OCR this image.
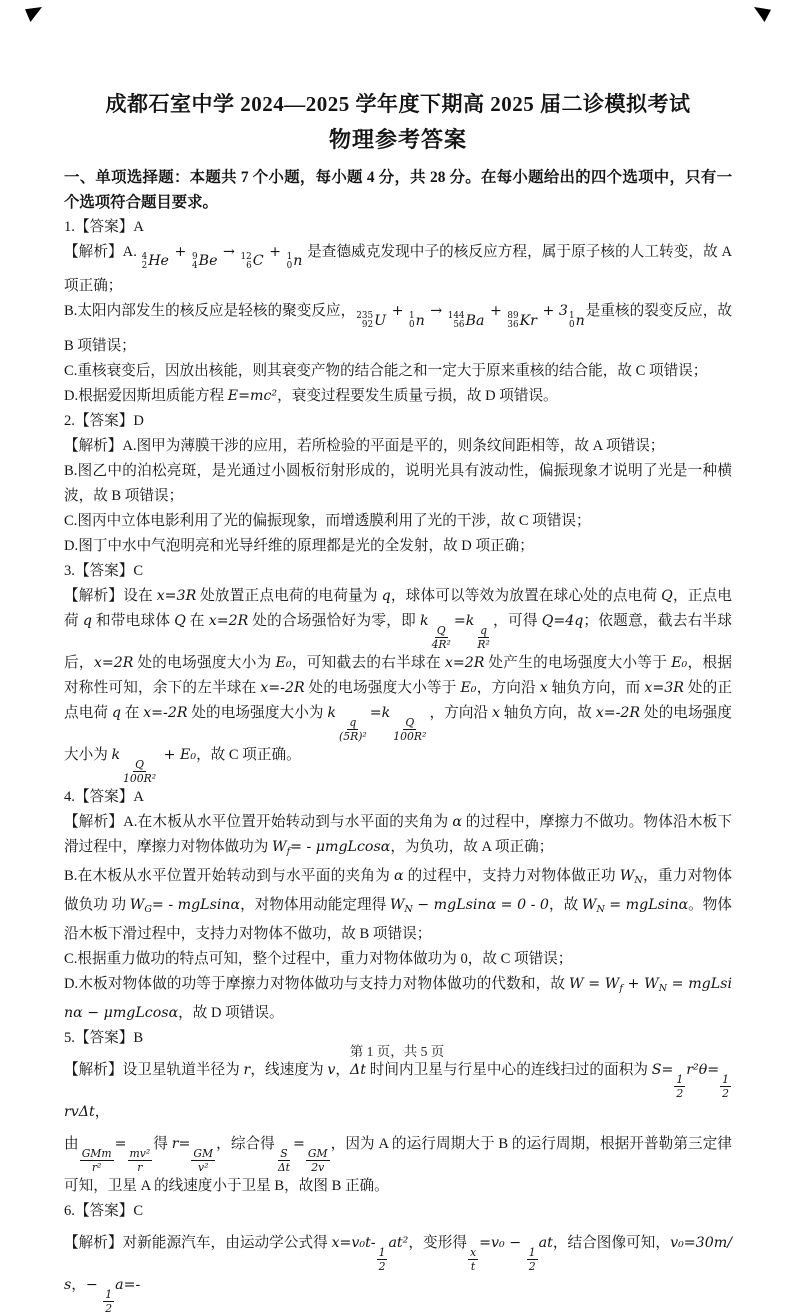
成都石室中学 2024—2025 学年度下期高 2025 届二诊模拟考试
物理参考答案
一、单项选择题：本题共 7 个小题，每小题 4 分，共 28 分。在每小题给出的四个选项中，只有一个选项符合题目要求。
1.【答案】A
【解析】A. 4
2 He
+ 9
4 Be
→ 12
6 C
+ 1
0 n
是查德威克发现中子的核反应方程，属于原子核的人工转变，故 A 项正确；
B.太阳内部发生的核反应是轻核的聚变反应， 235
92 U
+ 1
0 n
→ 144
56 Ba
+ 89
36 Kr
+ 3 1
0 n
是重核的裂变反应，故 B 项错误；
C.重核衰变后，因放出核能，则其衰变产物的结合能之和一定大于原来重核的结合能，故 C 项错误；
D.根据爱因斯坦质能方程 E=mc²，衰变过程要发生质量亏损，故 D 项错误。
2.【答案】D
【解析】A.图甲为薄膜干涉的应用，若所检验的平面是平的，则条纹间距相等，故 A 项错误；
B.图乙中的泊松亮斑，是光通过小圆板衍射形成的，说明光具有波动性，偏振现象才说明了光是一种横波，故 B 项错误；
C.图丙中立体电影利用了光的偏振现象，而增透膜利用了光的干涉，故 C 项错误；
D.图丁中水中气泡明亮和光导纤维的原理都是光的全发射，故 D 项正确；
3.【答案】C
【解析】设在 x=3R 处放置正点电荷的电荷量为 q，球体可以等效为放置在球心处的点电荷 Q，正点电荷 q 和带电球体 Q 在 x=2R 处的合场强恰好为零，即 k
$\frac{Q}{\text{4R²}}$
=k
$\frac{q}{\text{R²}}$
，可得 Q=4q；依题意，截去右半球后，x=2R 处的电场强度大小为 E₀，可知截去的右半球在 x=2R 处产生的电场强度大小等于 E₀，根据对称性可知，余下的左半球在 x=-2R 处的电场强度大小等于 E₀，方向沿 x 轴负方向，而 x=3R 处的正点电荷 q 在 x=-2R 处的电场强度大小为 k
$\frac{q}{\text{(5R)²}}$
=k
$\frac{Q}{\text{100R²}}$
，方向沿 x 轴负方向，故 x=-2R 处的电场强度大小为 k
$\frac{Q}{\text{100R²}}$
+ E₀，故 C 项正确。
4.【答案】A
【解析】A.在木板从水平位置开始转动到与水平面的夹角为 α 的过程中，摩擦力不做功。物体沿木板下滑过程中，摩擦力对物体做功为 $W_f= - \mu mgLcos\alpha$，为负功，故 A 项正确；
B.在木板从水平位置开始转动到与水平面的夹角为 α 的过程中，支持力对物体做正功 $W_N$，重力对物体做负功 功 $W_G= - mgLsin\alpha$，对物体用动能定理得 $W_N - mgLsin\alpha = 0 - 0$，故 $W_N = mgLsin\alpha$。物体沿木板下滑过程中，支持力对物体不做功，故 B 项错误；
C.根据重力做功的特点可知，整个过程中，重力对物体做功为 0，故 C 项错误；
D.木板对物体做的功等于摩擦力对物体做功与支持力对物体做功的代数和，故 $W = W_f + W_N = mgLsin\alpha - \mu mgLcos\alpha$，故 D 项错误。
5.【答案】B
【解析】设卫星轨道半径为 r，线速度为 v，Δt 时间内卫星与行星中心的连线扫过的面积为 S=
$\frac{1}{2}$
r²θ=
$\frac{1}{2}$
rvΔt，
由
$\frac{\text{GMm}}{\text{r²}}$
=
$\frac{\text{mv²}}{r}$
得 r=
$\frac{GM}{\text{v²}}$
，综合得
$\frac{S}{\Delta t}$
=
$\frac{GM}{2v}$
，因为 A 的运行周期大于 B 的运行周期，根据开普勒第三定律可知，卫星 A 的线速度小于卫星 B，故图 B 正确。
6.【答案】C
【解析】对新能源汽车，由运动学公式得 x=v₀t-
$\frac{1}{2}$
at²，变形得
$\frac{x}{t}$
=v₀ −
$\frac{1}{2}$
at，结合图像可知，v₀=30m/s，−
$\frac{1}{2}$
a=-
第 1 页，共 5 页
